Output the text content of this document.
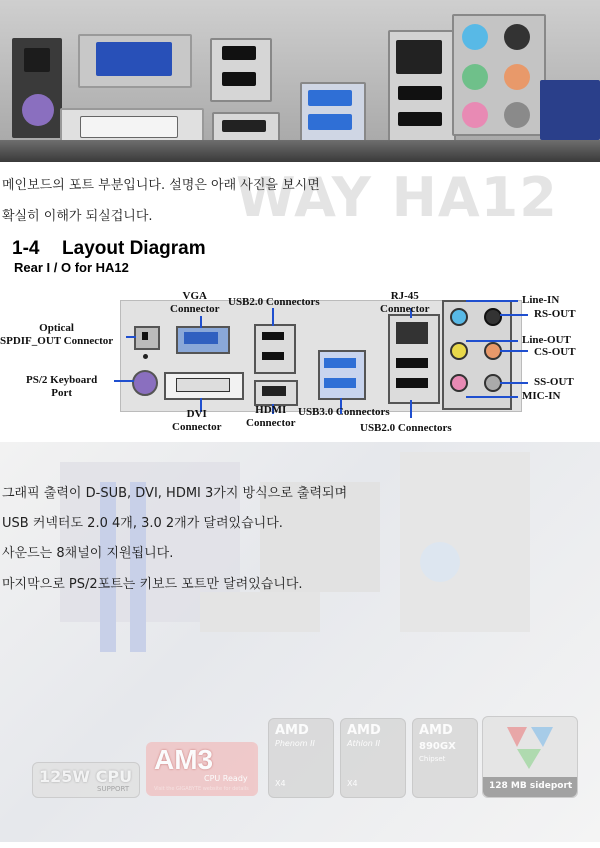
WAY HA12
메인보드의 포트 부분입니다. 설명은 아래 사진을 보시면
확실히 이해가 되실겁니다.
1-4 Layout Diagram
Rear I / O for HA12
VGA
Connector
USB2.0 Connectors	RJ-45
Connector
Optical
SPDIF_OUT Connector
PS/2 Keyboard
Port
DVI
Connector
HDMI
Connector
USB3.0 Connectors
USB2.0 Connectors
Line-IN
RS-OUT
Line-OUT
CS-OUT
SS-OUT
MIC-IN
그래픽 출력이 D-SUB, DVI, HDMI 3가지 방식으로 출력되며
USB 커넥터도 2.0 4개, 3.0 2개가 달려있습니다.
사운드는 8채널이 지원됩니다.
마지막으로 PS/2포트는 키보드 포트만 달려있습니다.
125W CPU
SUPPORT
AM3
CPU Ready
Visit the GIGABYTE website for details
AMD
Phenom II
X4
AMD
Athlon II
X4
AMD
890GX
Chipset
128 MB sideport
